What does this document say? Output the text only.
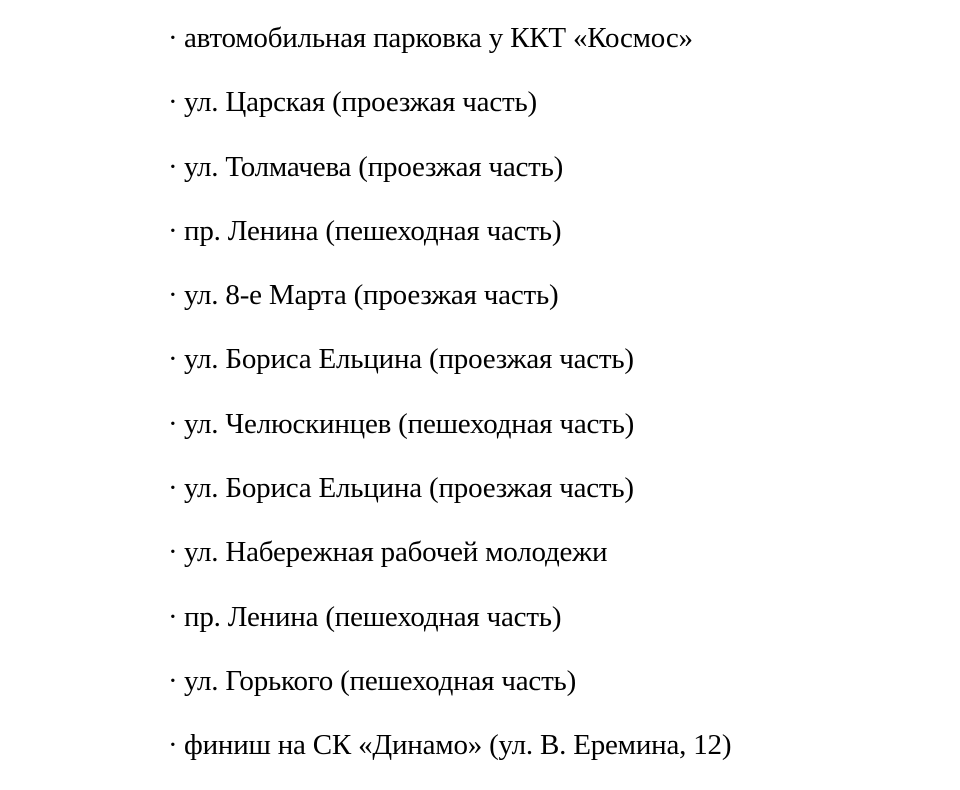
· автомобильная парковка у ККТ «Космос»
· ул. Царская (проезжая часть)
· ул. Толмачева (проезжая часть)
· пр. Ленина (пешеходная часть)
· ул. 8-е Марта (проезжая часть)
· ул. Бориса Ельцина (проезжая часть)
· ул. Челюскинцев (пешеходная часть)
· ул. Бориса Ельцина (проезжая часть)
· ул. Набережная рабочей молодежи
· пр. Ленина (пешеходная часть)
· ул. Горького (пешеходная часть)
· финиш на СК «Динамо» (ул. В. Еремина, 12)
